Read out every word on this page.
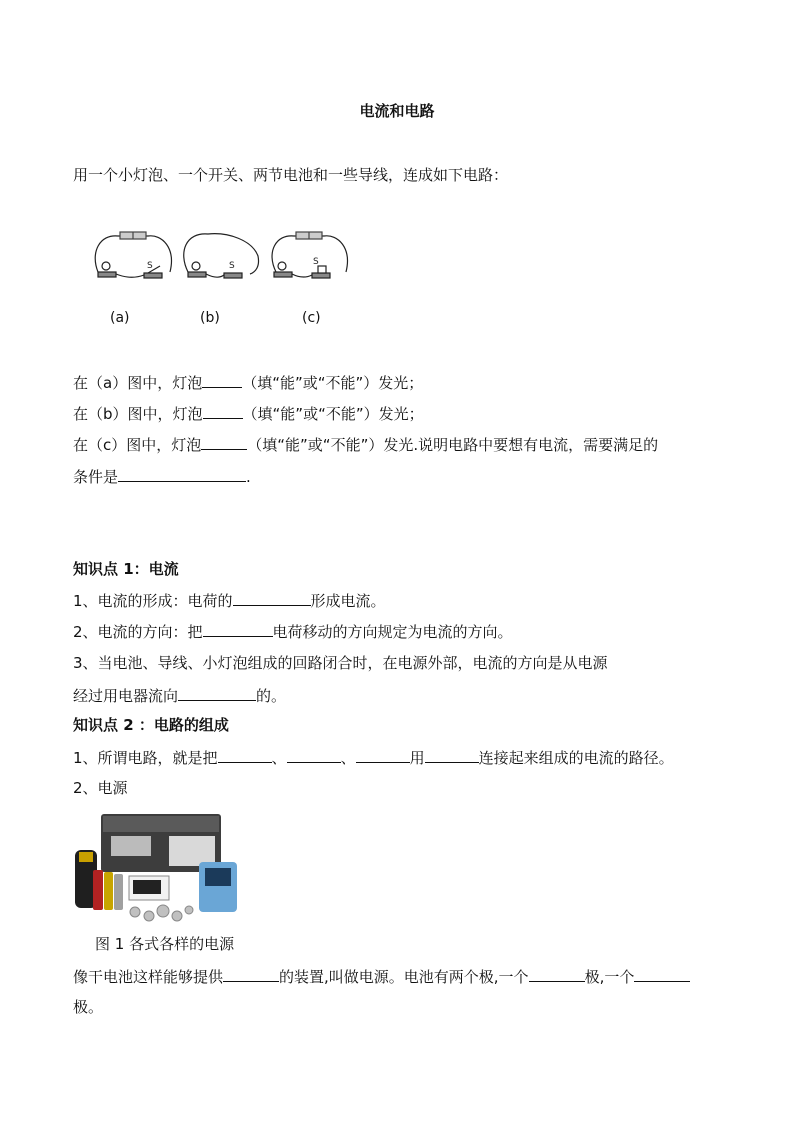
电流和电路
用一个小灯泡、一个开关、两节电池和一些导线，连成如下电路：
S	S	S
(a)	(b)	(c)
在（a）图中，灯泡	（填“能”或“不能”）发光；
在（b）图中，灯泡	（填“能”或“不能”）发光；
在（c）图中，灯泡	（填“能”或“不能”）发光.说明电路中要想有电流，需要满足的
条件是	.
知识点 1：电流
1、电流的形成：电荷的	形成电流。
2、电流的方向：把	电荷移动的方向规定为电流的方向。
3、当电池、导线、小灯泡组成的回路闭合时，在电源外部，电流的方向是从电源
经过用电器流向	的。
知识点 2 ：电路的组成
1、所谓电路，就是把	、	、	用	连接起来组成的电流的路径。
2、电源
图 1 各式各样的电源
像干电池这样能够提供	的装置,叫做电源。电池有两个极,一个	极,一个
极。
